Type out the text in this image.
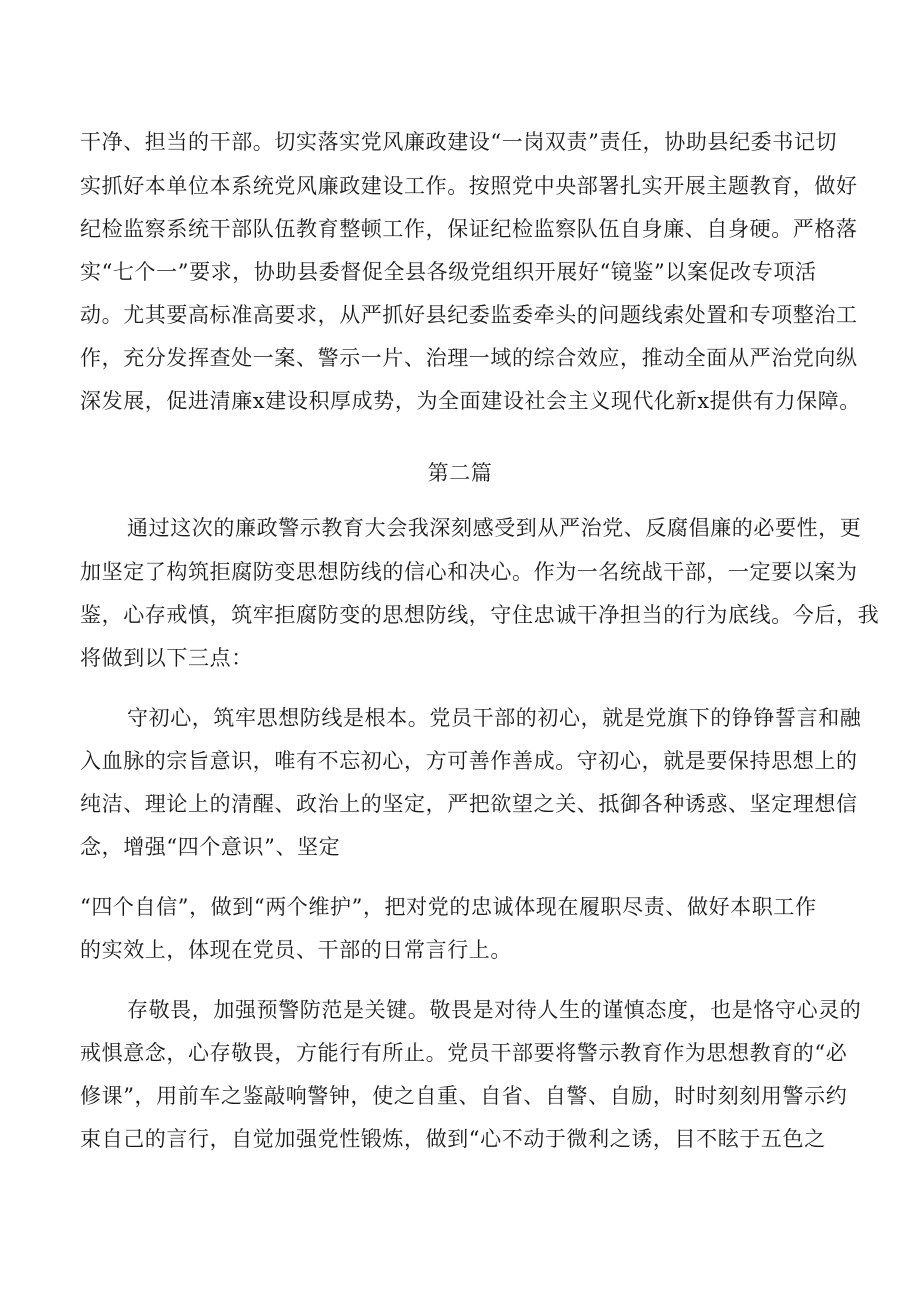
干净、担当的干部。切实落实党风廉政建设“一岗双责”责任，协助县纪委书记切
实抓好本单位本系统党风廉政建设工作。按照党中央部署扎实开展主题教育，做好
纪检监察系统干部队伍教育整顿工作，保证纪检监察队伍自身廉、自身硬。严格落
实“七个一”要求，协助县委督促全县各级党组织开展好“镜鉴”以案促改专项活
动。尤其要高标准高要求，从严抓好县纪委监委牵头的问题线索处置和专项整治工
作，充分发挥查处一案、警示一片、治理一域的综合效应，推动全面从严治党向纵
深发展，促进清廉x建设积厚成势，为全面建设社会主义现代化新x提供有力保障。
第二篇
通过这次的廉政警示教育大会我深刻感受到从严治党、反腐倡廉的必要性，更
加坚定了构筑拒腐防变思想防线的信心和决心。作为一名统战干部，一定要以案为
鉴，心存戒慎，筑牢拒腐防变的思想防线，守住忠诚干净担当的行为底线。今后，我
将做到以下三点：
守初心，筑牢思想防线是根本。党员干部的初心，就是党旗下的铮铮誓言和融
入血脉的宗旨意识，唯有不忘初心，方可善作善成。守初心，就是要保持思想上的
纯洁、理论上的清醒、政治上的坚定，严把欲望之关、抵御各种诱惑、坚定理想信
念，增强“四个意识”、坚定
“四个自信”，做到“两个维护”，把对党的忠诚体现在履职尽责、做好本职工作
的实效上，体现在党员、干部的日常言行上。
存敬畏，加强预警防范是关键。敬畏是对待人生的谨慎态度，也是恪守心灵的
戒惧意念，心存敬畏，方能行有所止。党员干部要将警示教育作为思想教育的“必
修课”，用前车之鉴敲响警钟，使之自重、自省、自警、自励，时时刻刻用警示约
束自己的言行，自觉加强党性锻炼，做到“心不动于微利之诱，目不眩于五色之
